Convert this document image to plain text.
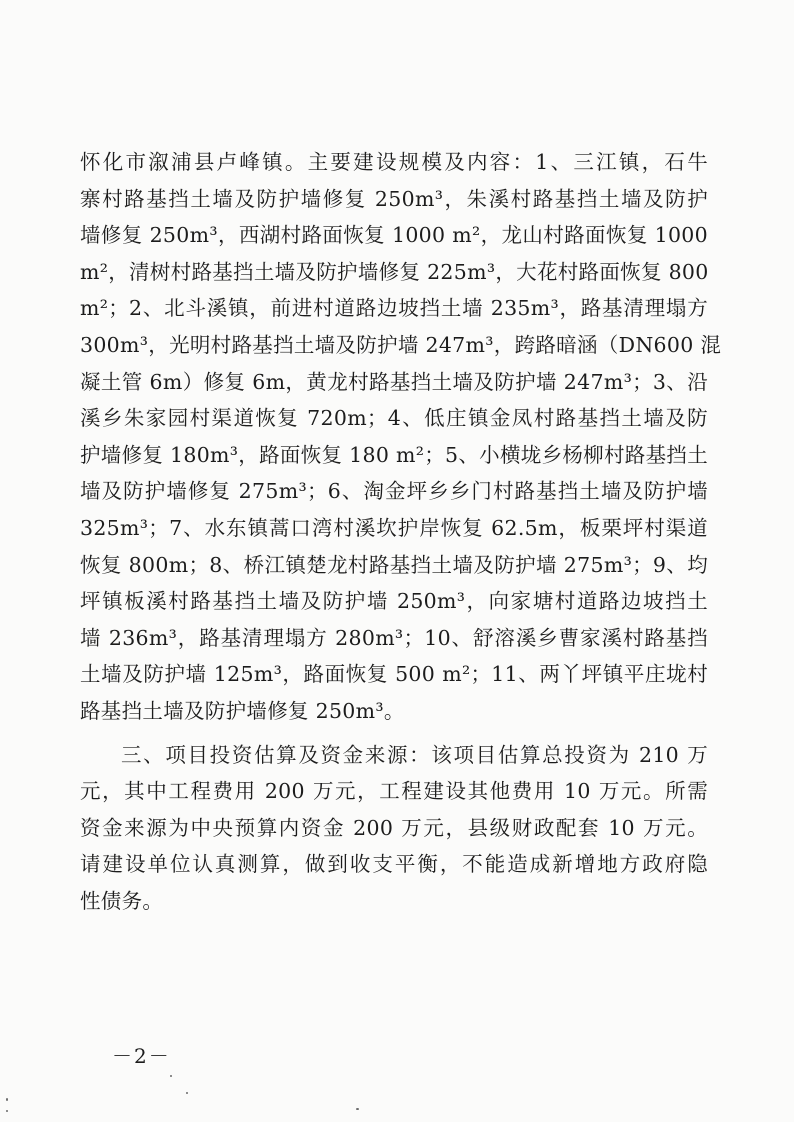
怀化市溆浦县卢峰镇。主要建设规模及内容：1、三江镇，石牛
寨村路基挡土墙及防护墙修复 250m³，朱溪村路基挡土墙及防护
墙修复 250m³，西湖村路面恢复 1000 m²，龙山村路面恢复 1000
m²，清树村路基挡土墙及防护墙修复 225m³，大花村路面恢复 800
m²；2、北斗溪镇，前进村道路边坡挡土墙 235m³，路基清理塌方
300m³，光明村路基挡土墙及防护墙 247m³，跨路暗涵（DN600 混
凝土管 6m）修复 6m，黄龙村路基挡土墙及防护墙 247m³；3、沿
溪乡朱家园村渠道恢复 720m；4、低庄镇金凤村路基挡土墙及防
护墙修复 180m³，路面恢复 180 m²；5、小横垅乡杨柳村路基挡土
墙及防护墙修复 275m³；6、淘金坪乡乡门村路基挡土墙及防护墙
325m³；7、水东镇蒿口湾村溪坎护岸恢复 62.5m，板栗坪村渠道
恢复 800m；8、桥江镇楚龙村路基挡土墙及防护墙 275m³；9、均
坪镇板溪村路基挡土墙及防护墙 250m³，向家塘村道路边坡挡土
墙 236m³，路基清理塌方 280m³；10、舒溶溪乡曹家溪村路基挡
土墙及防护墙 125m³，路面恢复 500 m²；11、两丫坪镇平庄垅村
路基挡土墙及防护墙修复 250m³。
三、项目投资估算及资金来源：该项目估算总投资为 210 万
元，其中工程费用 200 万元，工程建设其他费用 10 万元。所需
资金来源为中央预算内资金 200 万元，县级财政配套 10 万元。
请建设单位认真测算，做到收支平衡，不能造成新增地方政府隐
性债务。
－2－
